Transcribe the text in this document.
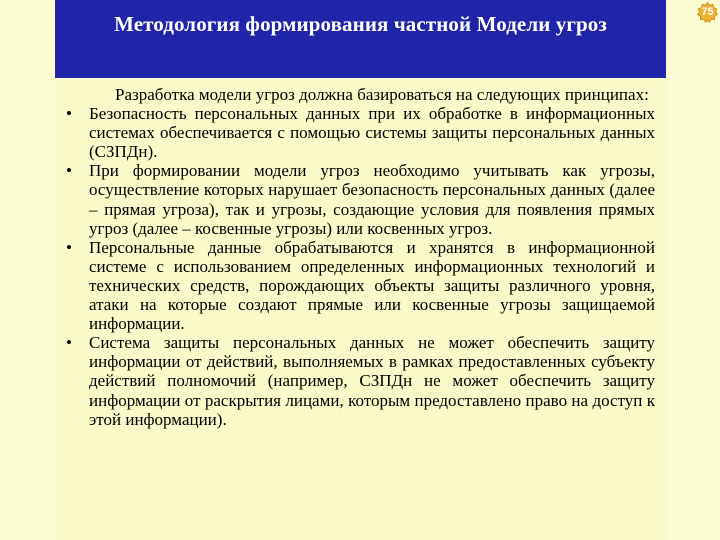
Методология формирования частной Модели угроз	75

Разработка модели угроз должна базироваться на следующих принципах:

• Безопасность персональных данных при их обработке в информационных системах обеспечивается с помощью системы защиты персональных данных (СЗПДн).
• При формировании модели угроз необходимо учитывать как угрозы, осуществление которых нарушает безопасность персональных данных (далее – прямая угроза), так и угрозы, создающие условия для появления прямых угроз (далее – косвенные угрозы) или косвенных угроз.
• Персональные данные обрабатываются и хранятся в информационной системе с использованием определенных информационных технологий и технических средств, порождающих объекты защиты различного уровня, атаки на которые создают прямые или косвенные угрозы защищаемой информации.
• Система защиты персональных данных не может обеспечить защиту информации от действий, выполняемых в рамках предоставленных субъекту действий полномочий (например, СЗПДн не может обеспечить защиту информации от раскрытия лицами, которым предоставлено право на доступ к этой информации).
